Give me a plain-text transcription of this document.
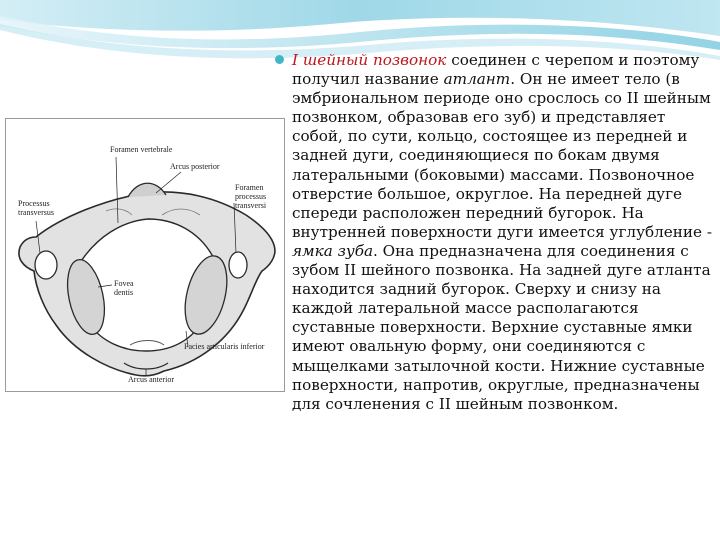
Foramen vertebrale
Arcus posterior
Processus
transversus
Foramen
processus
transversi
Fovea
dentis
Facies articularis inferior
Arcus anterior
I шейный позвонок соединен с черепом и поэтому получил название атлант. Он не имеет тело (в эмбриональном периоде оно срослось со II шейным позвонком, образовав его зуб) и представляет собой, по сути, кольцо, состоящее из передней и задней дуги, соединяющиеся по бокам двумя латеральными (боковыми) массами. Позвоночное отверстие большое, округлое. На передней дуге спереди расположен передний бугорок. На внутренней поверхности дуги имеется углубление - ямка зуба. Она предназначена для соединения с зубом II шейного позвонка. На задней дуге атланта находится задний бугорок. Сверху и снизу на каждой латеральной массе располагаются суставные поверхности. Верхние суставные ямки имеют овальную форму, они соединяются с мыщелками затылочной кости. Нижние суставные поверхности, напротив, округлые, предназначены для сочленения с II шейным позвонком.
